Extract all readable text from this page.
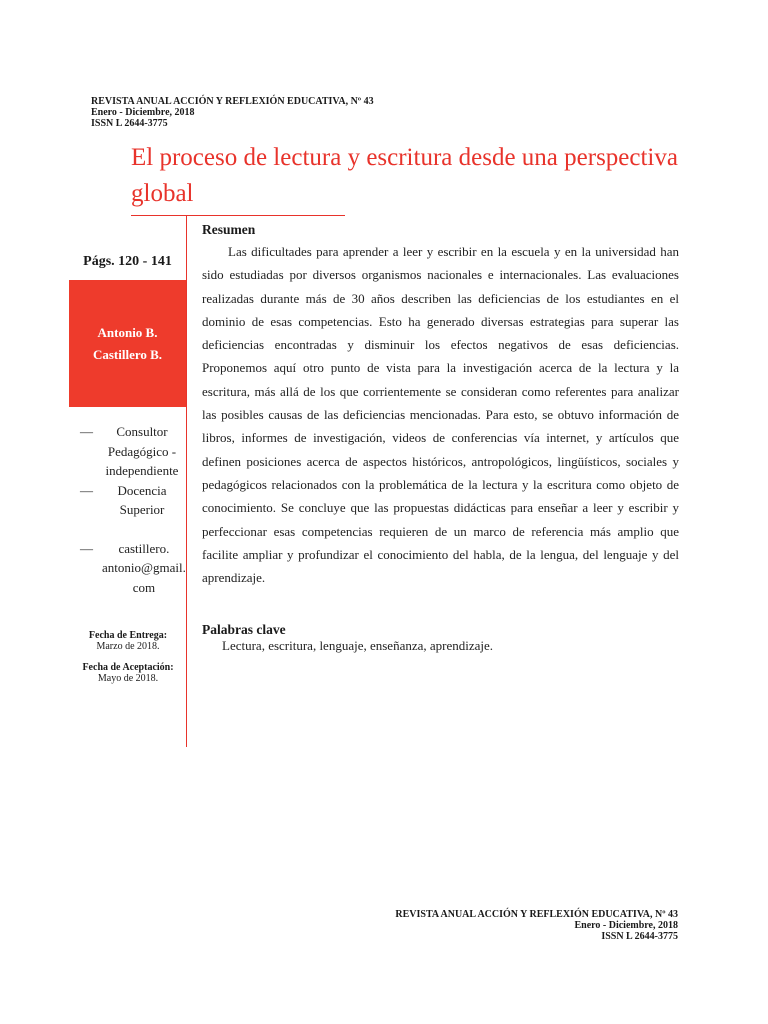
REVISTA ANUAL ACCIÓN Y REFLEXIÓN EDUCATIVA, Nº 43
Enero - Diciembre, 2018
ISSN L 2644-3775
El proceso de lectura y escritura desde una perspectiva global
Págs. 120 - 141
Antonio B.
Castillero B.
—	Consultor Pedagógico - independiente
—	Docencia Superior
—	castillero. antonio@gmail. com
Fecha de Entrega:
Marzo de 2018.
Fecha de Aceptación:
Mayo de 2018.
Resumen

Las dificultades para aprender a leer y escribir en la escuela y en la universidad han sido estudiadas por diversos organismos nacionales e internacionales. Las evaluaciones realizadas durante más de 30 años describen las deficiencias de los estudiantes en el dominio de esas competencias. Esto ha generado diversas estrategias para superar las deficiencias encontradas y disminuir los efectos negativos de esas deficiencias. Proponemos aquí otro punto de vista para la investigación acerca de la lectura y la escritura, más allá de los que corrientemente se consideran como referentes para analizar las posibles causas de las deficiencias mencionadas. Para esto, se obtuvo información de libros, informes de investigación, videos de conferencias vía internet, y artículos que definen posiciones acerca de aspectos históricos, antropológicos, lingüísticos, sociales y pedagógicos relacionados con la problemática de la lectura y la escritura como objeto de conocimiento. Se concluye que las propuestas didácticas para enseñar a leer y escribir y perfeccionar esas competencias requieren de un marco de referencia más amplio que facilite ampliar y profundizar el conocimiento del habla, de la lengua, del lenguaje y del aprendizaje.

Palabras clave

Lectura, escritura, lenguaje, enseñanza, aprendizaje.

REVISTA ANUAL ACCIÓN Y REFLEXIÓN EDUCATIVA, Nº 43
Enero - Diciembre, 2018
ISSN L 2644-3775
